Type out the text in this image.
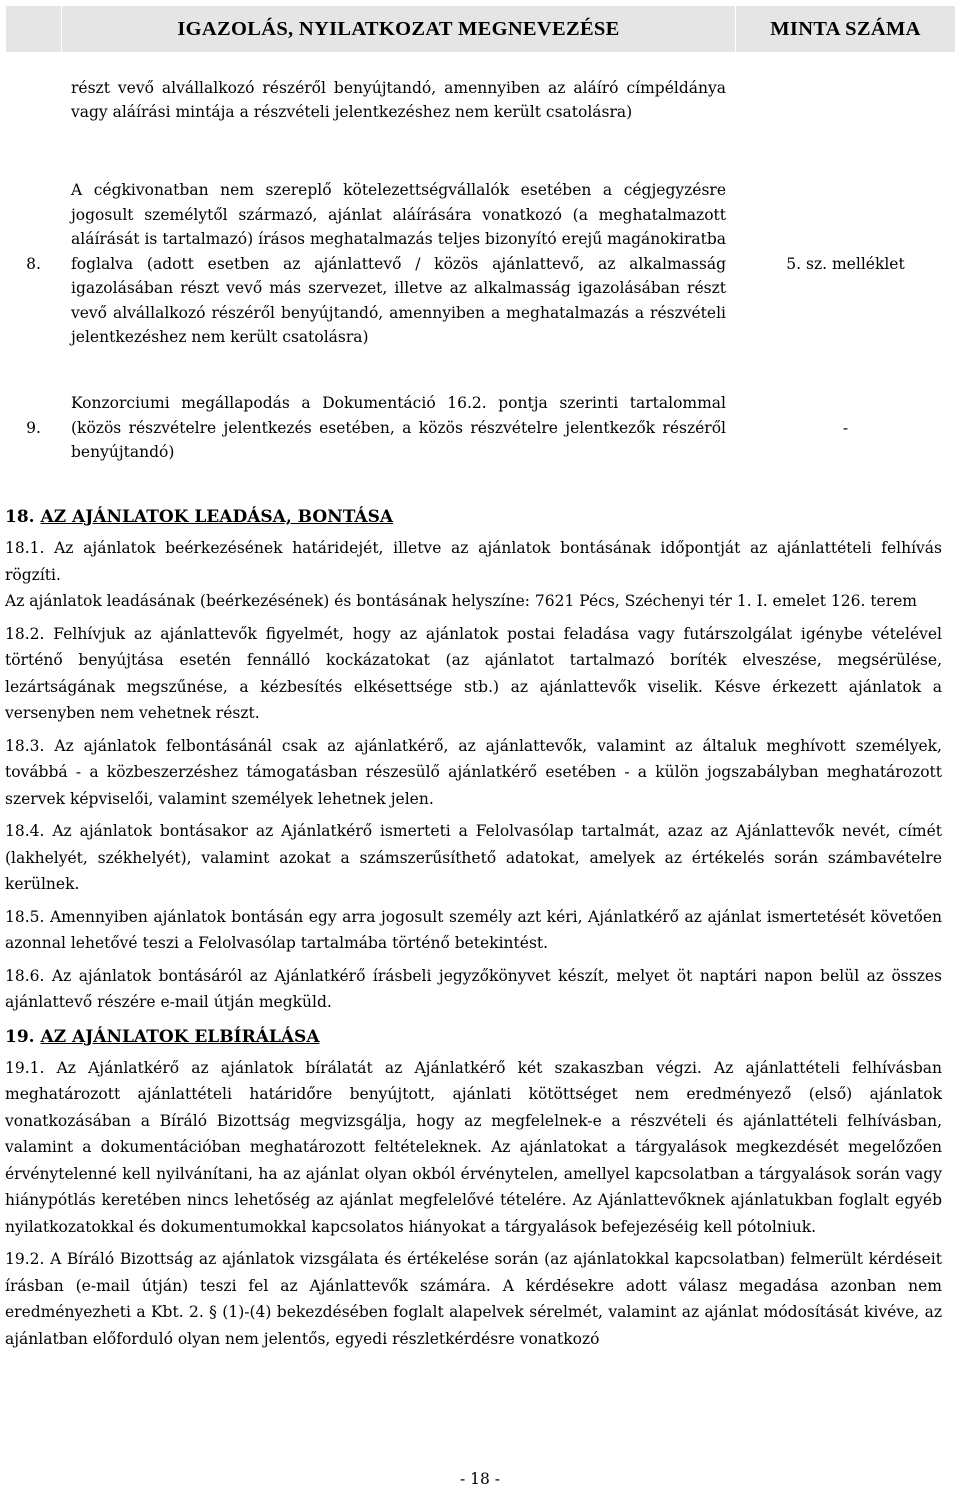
	IGAZOLÁS, NYILATKOZAT MEGNEVEZÉSE	MINTA SZÁMA
	részt vevő alvállalkozó részéről benyújtandó, amennyiben az aláíró címpéldánya vagy aláírási mintája a részvételi jelentkezéshez nem került csatolásra)	
8.	A cégkivonatban nem szereplő kötelezettségvállalók esetében a cégjegyzésre jogosult személytől származó, ajánlat aláírására vonatkozó (a meghatalmazott aláírását is tartalmazó) írásos meghatalmazás teljes bizonyító erejű magánokiratba foglalva (adott esetben az ajánlattevő / közös ajánlattevő, az alkalmasság igazolásában részt vevő más szervezet, illetve az alkalmasság igazolásában részt vevő alvállalkozó részéről benyújtandó, amennyiben a meghatalmazás a részvételi jelentkezéshez nem került csatolásra)	5. sz. melléklet
9.	Konzorciumi megállapodás a Dokumentáció 16.2. pontja szerinti tartalommal (közös részvételre jelentkezés esetében, a közös részvételre jelentkezők részéről benyújtandó)	-
18. AZ AJÁNLATOK LEADÁSA, BONTÁSA

18.1. Az ajánlatok beérkezésének határidejét, illetve az ajánlatok bontásának időpontját az ajánlattételi felhívás rögzíti.

Az ajánlatok leadásának (beérkezésének) és bontásának helyszíne: 7621 Pécs, Széchenyi tér 1. I. emelet 126. terem

18.2. Felhívjuk az ajánlattevők figyelmét, hogy az ajánlatok postai feladása vagy futárszolgálat igénybe vételével történő benyújtása esetén fennálló kockázatokat (az ajánlatot tartalmazó boríték elveszése, megsérülése, lezártságának megszűnése, a kézbesítés elkésettsége stb.) az ajánlattevők viselik. Késve érkezett ajánlatok a versenyben nem vehetnek részt.

18.3. Az ajánlatok felbontásánál csak az ajánlatkérő, az ajánlattevők, valamint az általuk meghívott személyek, továbbá - a közbeszerzéshez támogatásban részesülő ajánlatkérő esetében - a külön jogszabályban meghatározott szervek képviselői, valamint személyek lehetnek jelen.

18.4. Az ajánlatok bontásakor az Ajánlatkérő ismerteti a Felolvasólap tartalmát, azaz az Ajánlattevők nevét, címét (lakhelyét, székhelyét), valamint azokat a számszerűsíthető adatokat, amelyek az értékelés során számbavételre kerülnek.

18.5. Amennyiben ajánlatok bontásán egy arra jogosult személy azt kéri, Ajánlatkérő az ajánlat ismertetését követően azonnal lehetővé teszi a Felolvasólap tartalmába történő betekintést.

18.6. Az ajánlatok bontásáról az Ajánlatkérő írásbeli jegyzőkönyvet készít, melyet öt naptári napon belül az összes ajánlattevő részére e-mail útján megküld.

19. AZ AJÁNLATOK ELBÍRÁLÁSA

19.1. Az Ajánlatkérő az ajánlatok bírálatát az Ajánlatkérő két szakaszban végzi. Az ajánlattételi felhívásban meghatározott ajánlattételi határidőre benyújtott, ajánlati kötöttséget nem eredményező (első) ajánlatok vonatkozásában a Bíráló Bizottság megvizsgálja, hogy az megfelelnek-e a részvételi és ajánlattételi felhívásban, valamint a dokumentációban meghatározott feltételeknek. Az ajánlatokat a tárgyalások megkezdését megelőzően érvénytelenné kell nyilvánítani, ha az ajánlat olyan okból érvénytelen, amellyel kapcsolatban a tárgyalások során vagy hiánypótlás keretében nincs lehetőség az ajánlat megfelelővé tételére. Az Ajánlattevőknek ajánlatukban foglalt egyéb nyilatkozatokkal és dokumentumokkal kapcsolatos hiányokat a tárgyalások befejezéséig kell pótolniuk.

19.2. A Bíráló Bizottság az ajánlatok vizsgálata és értékelése során (az ajánlatokkal kapcsolatban) felmerült kérdéseit írásban (e-mail útján) teszi fel az Ajánlattevők számára. A kérdésekre adott válasz megadása azonban nem eredményezheti a Kbt. 2. § (1)-(4) bekezdésében foglalt alapelvek sérelmét, valamint az ajánlat módosítását kivéve, az ajánlatban előforduló olyan nem jelentős, egyedi részletkérdésre vonatkozó

- 18 -
